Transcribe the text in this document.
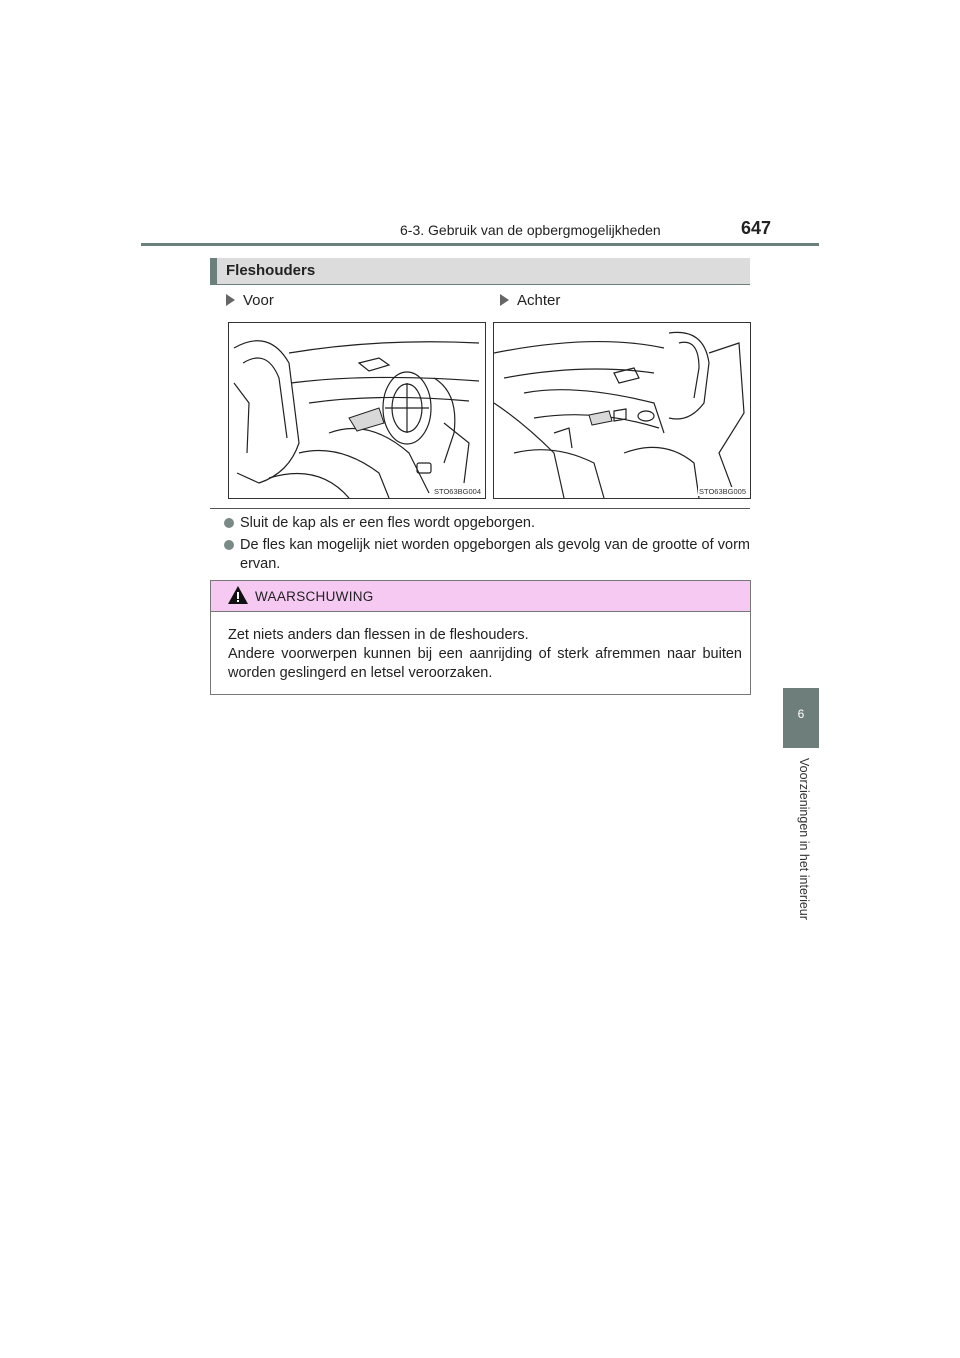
6-3. Gebruik van de opbergmogelijkheden	647
6
Voorzieningen in het interieur
Fleshouders
Voor	Achter
STO63BG004	STO63BG005
Sluit de kap als er een fles wordt opgeborgen.
De fles kan mogelijk niet worden opgeborgen als gevolg van de grootte of vorm ervan.
WAARSCHUWING

Zet niets anders dan flessen in de fleshouders.

Andere voorwerpen kunnen bij een aanrijding of sterk afremmen naar buiten worden geslingerd en letsel veroorzaken.
